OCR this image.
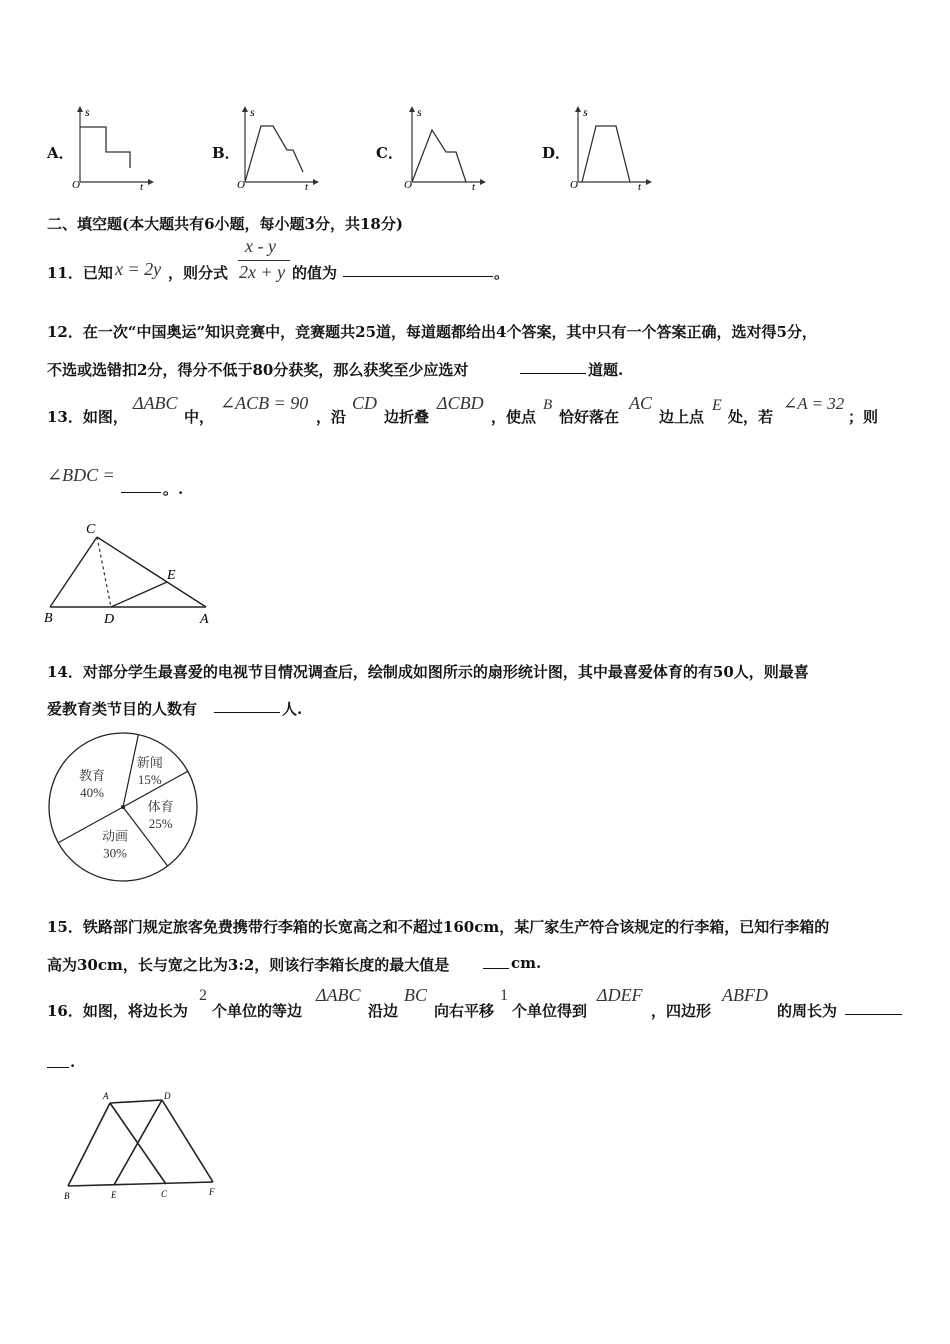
A．
s
O	t
B．
s
O	t
C．
s
O	t
D．
s
O	t
二、填空题(本大题共有6小题，每小题3分，共18分)
11．已知 x = 2y ，则分式
x - y
2x + y 的值为	。
12．在一次“中国奥运”知识竞赛中，竞赛题共25道，每道题都给出4个答案，其中只有一个答案正确，选对得5分，
不选或选错扣2分，得分不低于80分获奖，那么获奖至少应选对	道题.
13．如图，
ΔABC
中，
∠ACB = 90
，沿
CD
边折叠
ΔCBD
，使点
B
恰好落在
AC
边上点
E
处，若
∠A = 32
；则
∠BDC =
。.
C
E
B	D	A
14．对部分学生最喜爱的电视节目情况调查后，绘制成如图所示的扇形统计图，其中最喜爱体育的有50人，则最喜
爱教育类节目的人数有	人.
新闻
15%
体育
25%
动画
30%
教育
40%
15．铁路部门规定旅客免费携带行李箱的长宽高之和不超过160cm，某厂家生产符合该规定的行李箱，已知行李箱的
高为30cm，长与宽之比为3:2，则该行李箱长度的最大值是	cm.
16．如图，将边长为
2
个单位的等边
ΔABC
沿边
BC
向右平移
1
个单位得到
ΔDEF
，四边形
ABFD
的周长为
.
A	D
B	E	C	F
